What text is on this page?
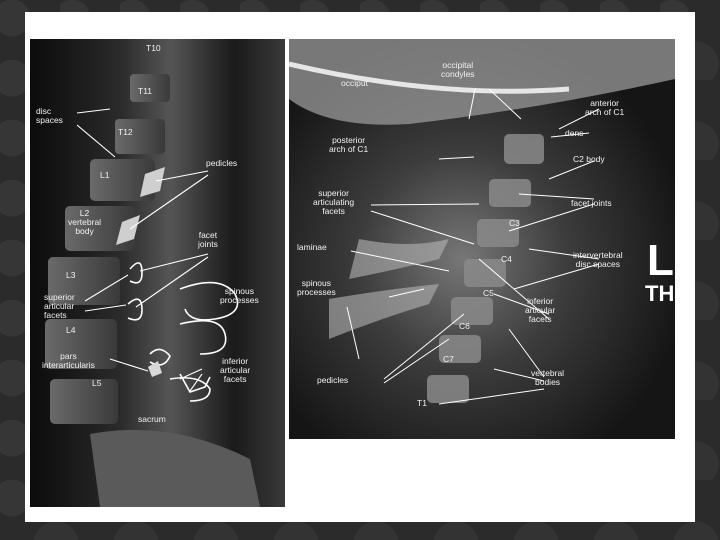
T10
T11
disc
spaces
T12
pedicles
L1
L2
vertebral
body	facet
joints
L3
spinous
processes
superior
articular
facets
L4
pars
interarticularis	inferior
articular
facets
L5
sacrum
occipital
condyles
occiput
anterior
arch of C1
dens
posterior
arch of C1
C2 body
superior
articulating
facets
facet joints
C3
laminae
C4	intervertebral
disc spaces
spinous
processes	C5
inferior
articular
facets
C6
C7
pedicles
vertebral
bodies
T1
L
TH
